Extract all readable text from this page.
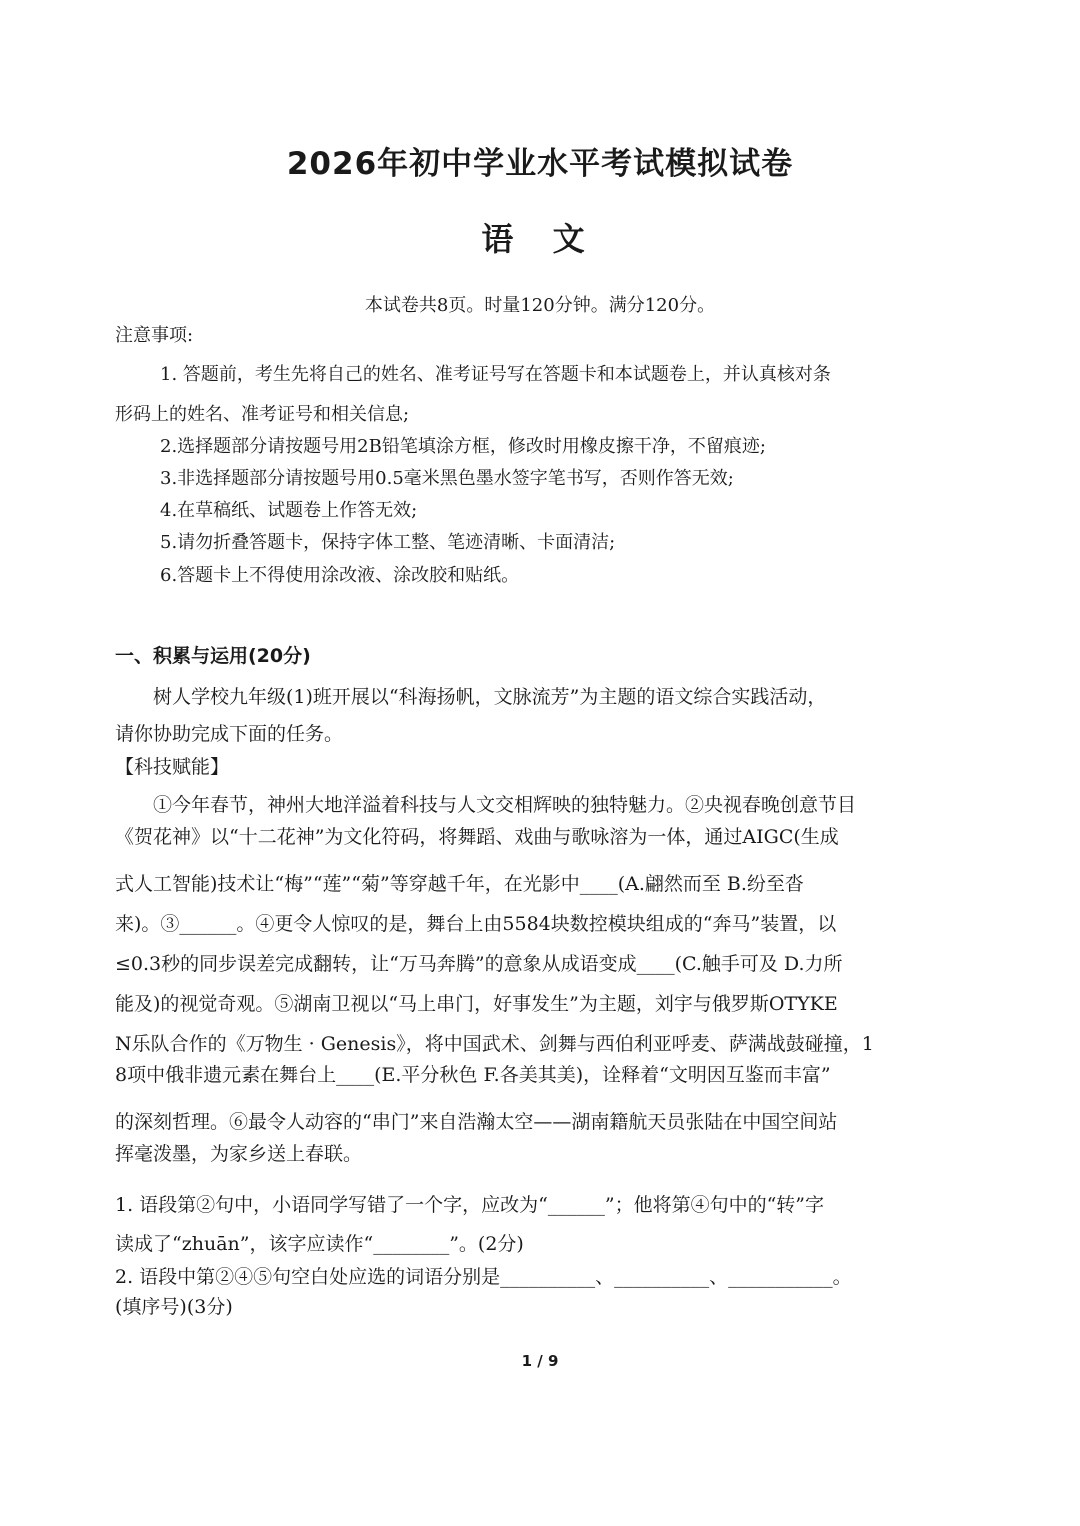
2026年初中学业水平考试模拟试卷
语 文
本试卷共8页。时量120分钟。满分120分。
注意事项:
1. 答题前，考生先将自己的姓名、准考证号写在答题卡和本试题卷上，并认真核对条
形码上的姓名、准考证号和相关信息;
2.选择题部分请按题号用2B铅笔填涂方框，修改时用橡皮擦干净，不留痕迹;
3.非选择题部分请按题号用0.5毫米黑色墨水签字笔书写，否则作答无效;
4.在草稿纸、试题卷上作答无效;
5.请勿折叠答题卡，保持字体工整、笔迹清晰、卡面清洁;
6.答题卡上不得使用涂改液、涂改胶和贴纸。
一、积累与运用(20分)
树人学校九年级(1)班开展以“科海扬帆，文脉流芳”为主题的语文综合实践活动，
请你协助完成下面的任务。
【科技赋能】
①今年春节，神州大地洋溢着科技与人文交相辉映的独特魅力。②央视春晚创意节目
《贺花神》以“十二花神”为文化符码，将舞蹈、戏曲与歌咏溶为一体，通过AIGC(生成
式人工智能)技术让“梅”“莲”“菊”等穿越千年，在光影中____(A.翩然而至 B.纷至沓
来)。③______。④更令人惊叹的是，舞台上由5584块数控模块组成的“奔马”装置，以
≤0.3秒的同步误差完成翻转，让“万马奔腾”的意象从成语变成____(C.触手可及 D.力所
能及)的视觉奇观。⑤湖南卫视以“马上串门，好事发生”为主题，刘宇与俄罗斯OTYKE
N乐队合作的《万物生 · Genesis》，将中国武术、剑舞与西伯利亚呼麦、萨满战鼓碰撞，1
8项中俄非遗元素在舞台上____(E.平分秋色 F.各美其美)，诠释着“文明因互鉴而丰富”
的深刻哲理。⑥最令人动容的“串门”来自浩瀚太空——湖南籍航天员张陆在中国空间站
挥毫泼墨，为家乡送上春联。
1. 语段第②句中，小语同学写错了一个字，应改为“______”；他将第④句中的“转”字
读成了“zhuān”，该字应读作“________”。(2分)
2. 语段中第②④⑤句空白处应选的词语分别是__________、__________、___________。
(填序号)(3分)
1 / 9
